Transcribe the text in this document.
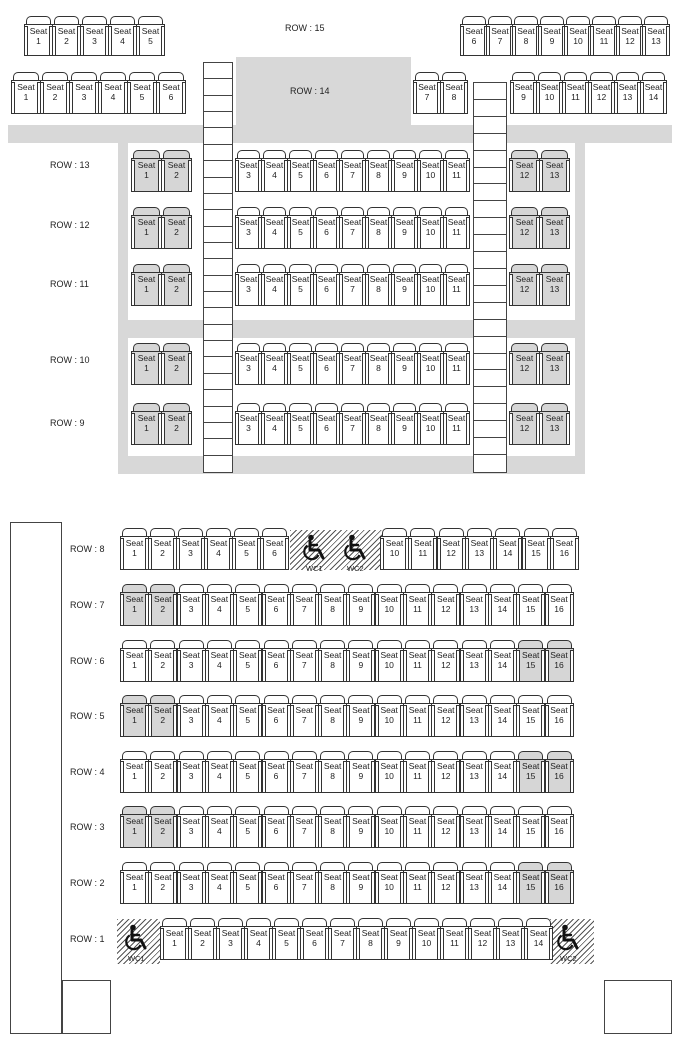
Seat
1
Seat
2
Seat
3
Seat
4
Seat
5
Seat
6
Seat
7
Seat
8
Seat
9
Seat
10
Seat
11
Seat
12
Seat
13
Seat
1
Seat
2
Seat
3
Seat
4
Seat
5
Seat
6
Seat
7
Seat
8
Seat
9
Seat
10
Seat
11
Seat
12
Seat
13
Seat
14
Seat
1
Seat
2
Seat
3
Seat
4
Seat
5
Seat
6
Seat
7
Seat
8
Seat
9
Seat
10
Seat
11
Seat
12
Seat
13
Seat
1
Seat
2
Seat
3
Seat
4
Seat
5
Seat
6
Seat
7
Seat
8
Seat
9
Seat
10
Seat
11
Seat
12
Seat
13
Seat
1
Seat
2
Seat
3
Seat
4
Seat
5
Seat
6
Seat
7
Seat
8
Seat
9
Seat
10
Seat
11
Seat
12
Seat
13
Seat
1
Seat
2
Seat
3
Seat
4
Seat
5
Seat
6
Seat
7
Seat
8
Seat
9
Seat
10
Seat
11
Seat
12
Seat
13
Seat
1
Seat
2
Seat
3
Seat
4
Seat
5
Seat
6
Seat
7
Seat
8
Seat
9
Seat
10
Seat
11
Seat
12
Seat
13
Seat
1
Seat
2
Seat
3
Seat
4
Seat
5
Seat
6
Seat
10
Seat
11
Seat
12
Seat
13
Seat
14
Seat
15
Seat
16
Seat
1
Seat
2
Seat
3
Seat
4
Seat
5
Seat
6
Seat
7
Seat
8
Seat
9
Seat
10
Seat
11
Seat
12
Seat
13
Seat
14
Seat
15
Seat
16
Seat
1
Seat
2
Seat
3
Seat
4
Seat
5
Seat
6
Seat
7
Seat
8
Seat
9
Seat
10
Seat
11
Seat
12
Seat
13
Seat
14
Seat
15
Seat
16
Seat
1
Seat
2
Seat
3
Seat
4
Seat
5
Seat
6
Seat
7
Seat
8
Seat
9
Seat
10
Seat
11
Seat
12
Seat
13
Seat
14
Seat
15
Seat
16
Seat
1
Seat
2
Seat
3
Seat
4
Seat
5
Seat
6
Seat
7
Seat
8
Seat
9
Seat
10
Seat
11
Seat
12
Seat
13
Seat
14
Seat
15
Seat
16
Seat
1
Seat
2
Seat
3
Seat
4
Seat
5
Seat
6
Seat
7
Seat
8
Seat
9
Seat
10
Seat
11
Seat
12
Seat
13
Seat
14
Seat
15
Seat
16
Seat
1
Seat
2
Seat
3
Seat
4
Seat
5
Seat
6
Seat
7
Seat
8
Seat
9
Seat
10
Seat
11
Seat
12
Seat
13
Seat
14
Seat
15
Seat
16
Seat
1
Seat
2
Seat
3
Seat
4
Seat
5
Seat
6
Seat
7
Seat
8
Seat
9
Seat
10
Seat
11
Seat
12
Seat
13
Seat
14
ROW : 15
ROW : 14
ROW : 13
ROW : 12
ROW : 11
ROW : 10
ROW : 9
ROW : 8
ROW : 7
ROW : 6
ROW : 5
ROW : 4
ROW : 3
ROW : 2
ROW : 1
WC1	WC2
WC1	WC2
